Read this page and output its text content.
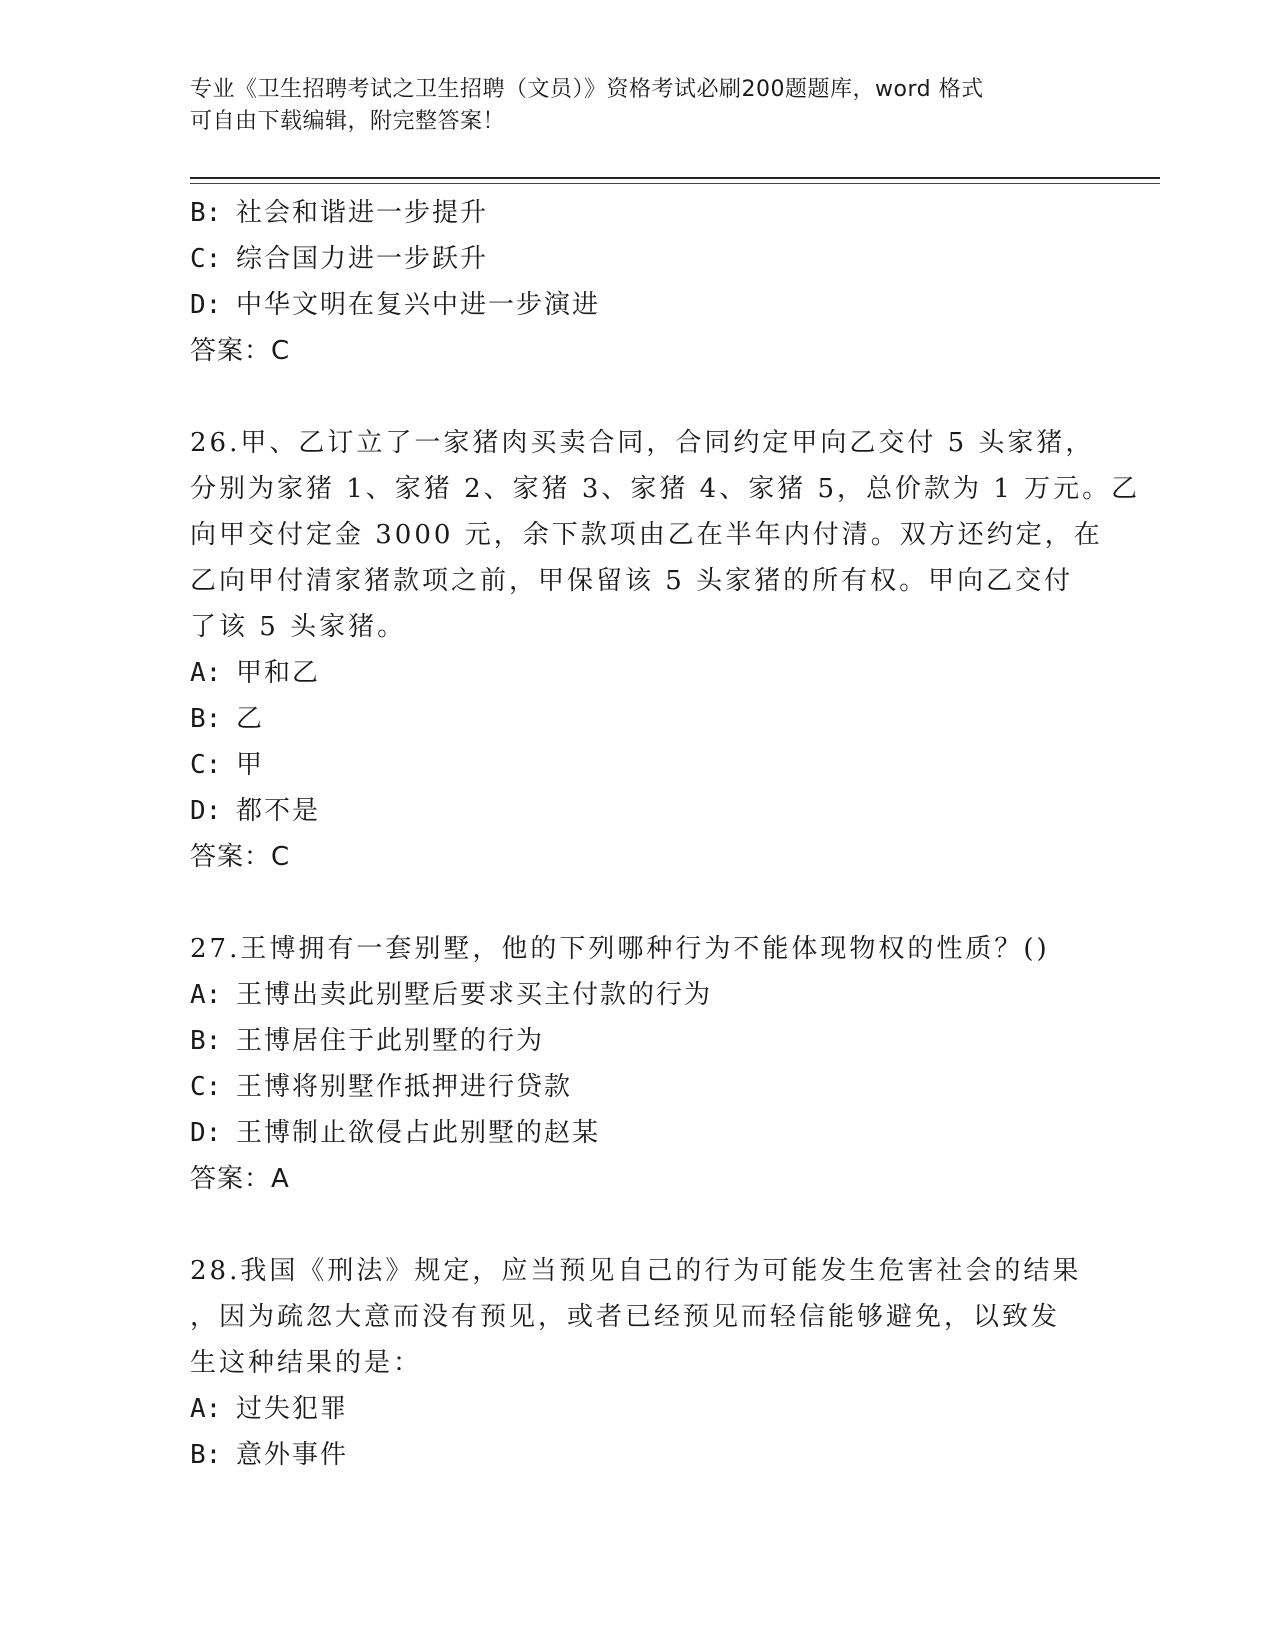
专业《卫生招聘考试之卫生招聘（文员）》资格考试必刷200题题库，word 格式
可自由下载编辑，附完整答案！
B: 社会和谐进一步提升
C: 综合国力进一步跃升
D: 中华文明在复兴中进一步演进
答案：C
26.甲、乙订立了一家猪肉买卖合同，合同约定甲向乙交付 5 头家猪，
分别为家猪 1、家猪 2、家猪 3、家猪 4、家猪 5，总价款为 1 万元。乙
向甲交付定金 3000 元，余下款项由乙在半年内付清。双方还约定，在
乙向甲付清家猪款项之前，甲保留该 5 头家猪的所有权。甲向乙交付
了该 5 头家猪。
A: 甲和乙
B: 乙
C: 甲
D: 都不是
答案：C
27.王博拥有一套别墅，他的下列哪种行为不能体现物权的性质？()
A: 王博出卖此别墅后要求买主付款的行为
B: 王博居住于此别墅的行为
C: 王博将别墅作抵押进行贷款
D: 王博制止欲侵占此别墅的赵某
答案：A
28.我国《刑法》规定，应当预见自己的行为可能发生危害社会的结果
，因为疏忽大意而没有预见，或者已经预见而轻信能够避免，以致发
生这种结果的是：
A: 过失犯罪
B: 意外事件
